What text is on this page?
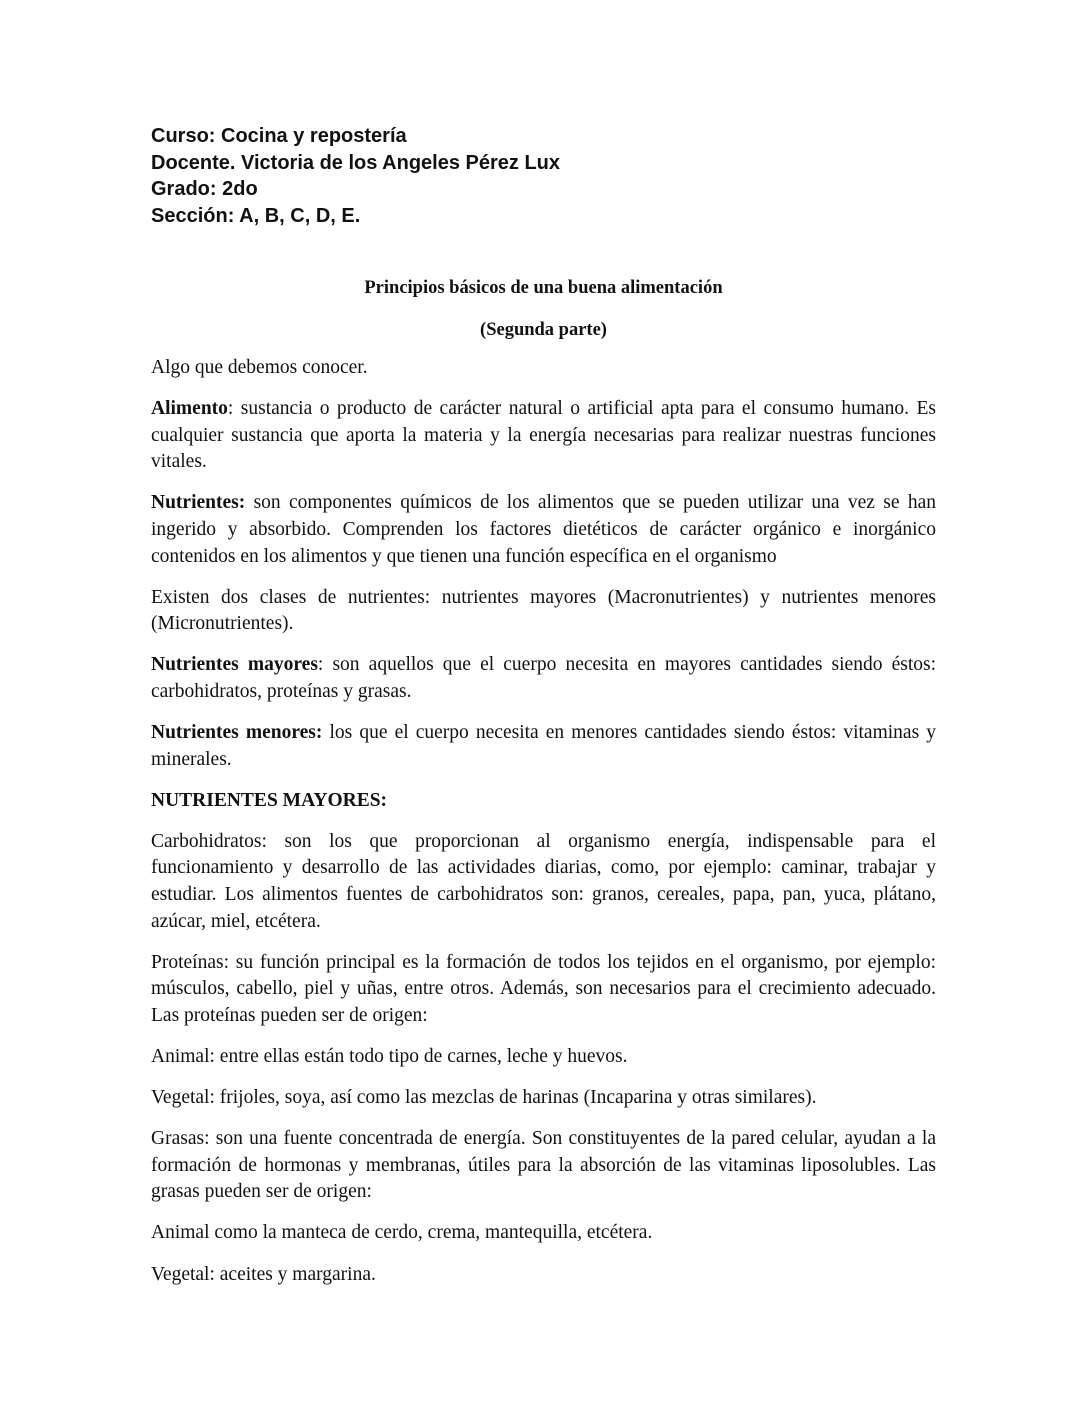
Curso: Cocina y repostería
Docente. Victoria de los Angeles Pérez Lux
Grado: 2do
Sección: A, B, C, D, E.
Principios básicos de una buena alimentación
(Segunda parte)

Algo que debemos conocer.

Alimento: sustancia o producto de carácter natural o artificial apta para el consumo humano. Es cualquier sustancia que aporta la materia y la energía necesarias para realizar nuestras funciones vitales.

Nutrientes: son componentes químicos de los alimentos que se pueden utilizar una vez se han ingerido y absorbido. Comprenden los factores dietéticos de carácter orgánico e inorgánico contenidos en los alimentos y que tienen una función específica en el organismo

Existen dos clases de nutrientes: nutrientes mayores (Macronutrientes) y nutrientes menores (Micronutrientes).

Nutrientes mayores: son aquellos que el cuerpo necesita en mayores cantidades siendo éstos: carbohidratos, proteínas y grasas.

Nutrientes menores: los que el cuerpo necesita en menores cantidades siendo éstos: vitaminas y minerales.

NUTRIENTES MAYORES:

Carbohidratos: son los que proporcionan al organismo energía, indispensable para el funcionamiento y desarrollo de las actividades diarias, como, por ejemplo: caminar, trabajar y estudiar. Los alimentos fuentes de carbohidratos son: granos, cereales, papa, pan, yuca, plátano, azúcar, miel, etcétera.

Proteínas: su función principal es la formación de todos los tejidos en el organismo, por ejemplo: músculos, cabello, piel y uñas, entre otros. Además, son necesarios para el crecimiento adecuado. Las proteínas pueden ser de origen:

Animal: entre ellas están todo tipo de carnes, leche y huevos.

Vegetal: frijoles, soya, así como las mezclas de harinas (Incaparina y otras similares).

Grasas: son una fuente concentrada de energía. Son constituyentes de la pared celular, ayudan a la formación de hormonas y membranas, útiles para la absorción de las vitaminas liposolubles. Las grasas pueden ser de origen:

Animal como la manteca de cerdo, crema, mantequilla, etcétera.

Vegetal: aceites y margarina.
